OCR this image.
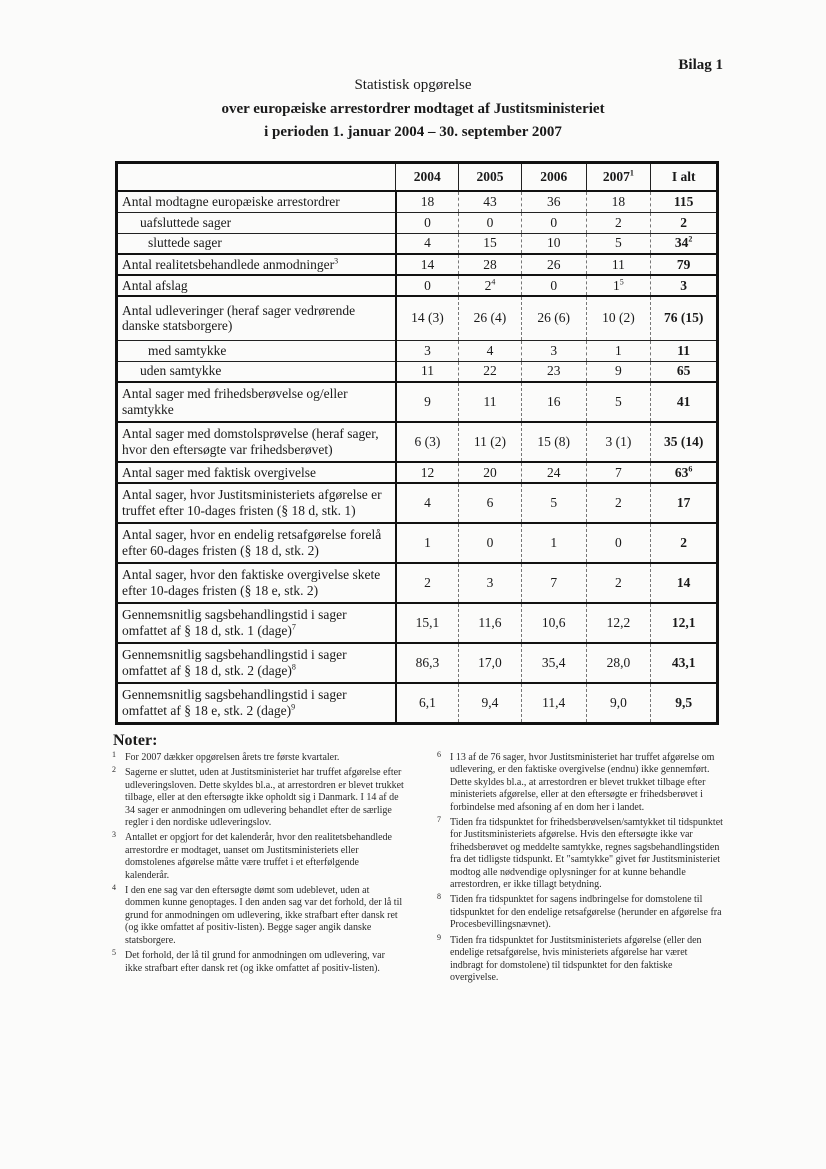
Bilag 1
Statistisk opgørelse
over europæiske arrestordrer modtaget af Justitsministeriet
i perioden 1. januar 2004 – 30. september 2007
	2004	2005	2006	2007$^1$	I alt
Antal modtagne europæiske arrestordrer	18	43	36	18	115
uafsluttede sager	0	0	0	2	2
sluttede sager	4	15	10	5	$34^2$
Antal realitetsbehandlede anmodninger$^3$	14	28	26	11	79
Antal afslag	0	$2^4$	0	$1^5$	3
Antal udleveringer (heraf sager vedrørende danske statsborgere)	14 (3)	26 (4)	26 (6)	10 (2)	76 (15)
med samtykke	3	4	3	1	11
uden samtykke	11	22	23	9	65
Antal sager med frihedsberøvelse og/eller samtykke	9	11	16	5	41
Antal sager med domstolsprøvelse (heraf sager, hvor den eftersøgte var frihedsberøvet)	6 (3)	11 (2)	15 (8)	3 (1)	35 (14)
Antal sager med faktisk overgivelse	12	20	24	7	$63^6$
Antal sager, hvor Justitsministeriets afgørelse er truffet efter 10-dages fristen (§ 18 d, stk. 1)	4	6	5	2	17
Antal sager, hvor en endelig retsafgørelse forelå efter 60-dages fristen (§ 18 d, stk. 2)	1	0	1	0	2
Antal sager, hvor den faktiske overgivelse skete efter 10-dages fristen (§ 18 e, stk. 2)	2	3	7	2	14
Gennemsnitlig sagsbehandlingstid i sager omfattet af § 18 d, stk. 1 (dage)$^7$	15,1	11,6	10,6	12,2	12,1
Gennemsnitlig sagsbehandlingstid i sager omfattet af § 18 d, stk. 2 (dage)$^8$	86,3	17,0	35,4	28,0	43,1
Gennemsnitlig sagsbehandlingstid i sager omfattet af § 18 e, stk. 2 (dage)$^9$	6,1	9,4	11,4	9,0	9,5
Noter:
1 For 2007 dækker opgørelsen årets tre første kvartaler.
2 Sagerne er sluttet, uden at Justitsministeriet har truffet afgørelse efter udleveringsloven. Dette skyldes bl.a., at arrestordren er blevet trukket tilbage, eller at den eftersøgte ikke opholdt sig i Danmark. I 14 af de 34 sager er anmodningen om udlevering behandlet efter de særlige regler i den nordiske udleveringslov.
3 Antallet er opgjort for det kalenderår, hvor den realitetsbehandlede arrestordre er modtaget, uanset om Justitsministeriets eller domstolenes afgørelse måtte være truffet i et efterfølgende kalenderår.
4 I den ene sag var den eftersøgte dømt som udeblevet, uden at dommen kunne genoptages. I den anden sag var det forhold, der lå til grund for anmodningen om udlevering, ikke strafbart efter dansk ret (og ikke omfattet af positiv-listen). Begge sager angik danske statsborgere.
5 Det forhold, der lå til grund for anmodningen om udlevering, var ikke strafbart efter dansk ret (og ikke omfattet af positiv-listen).
6 I 13 af de 76 sager, hvor Justitsministeriet har truffet afgørelse om udlevering, er den faktiske overgivelse (endnu) ikke gennemført. Dette skyldes bl.a., at arrestordren er blevet trukket tilbage efter ministeriets afgørelse, eller at den eftersøgte er frihedsberøvet i forbindelse med afsoning af en dom her i landet.
7 Tiden fra tidspunktet for frihedsberøvelsen/samtykket til tidspunktet for Justitsministeriets afgørelse. Hvis den eftersøgte ikke var frihedsberøvet og meddelte samtykke, regnes sagsbehandlingstiden fra det tidligste tidspunkt. Et "samtykke" givet før Justitsministeriet modtog alle nødvendige oplysninger for at kunne behandle arrestordren, er ikke tillagt betydning.
8 Tiden fra tidspunktet for sagens indbringelse for domstolene til tidspunktet for den endelige retsafgørelse (herunder en afgørelse fra Procesbevillingsnævnet).
9 Tiden fra tidspunktet for Justitsministeriets afgørelse (eller den endelige retsafgørelse, hvis ministeriets afgørelse har været indbragt for domstolene) til tidspunktet for den faktiske overgivelse.
